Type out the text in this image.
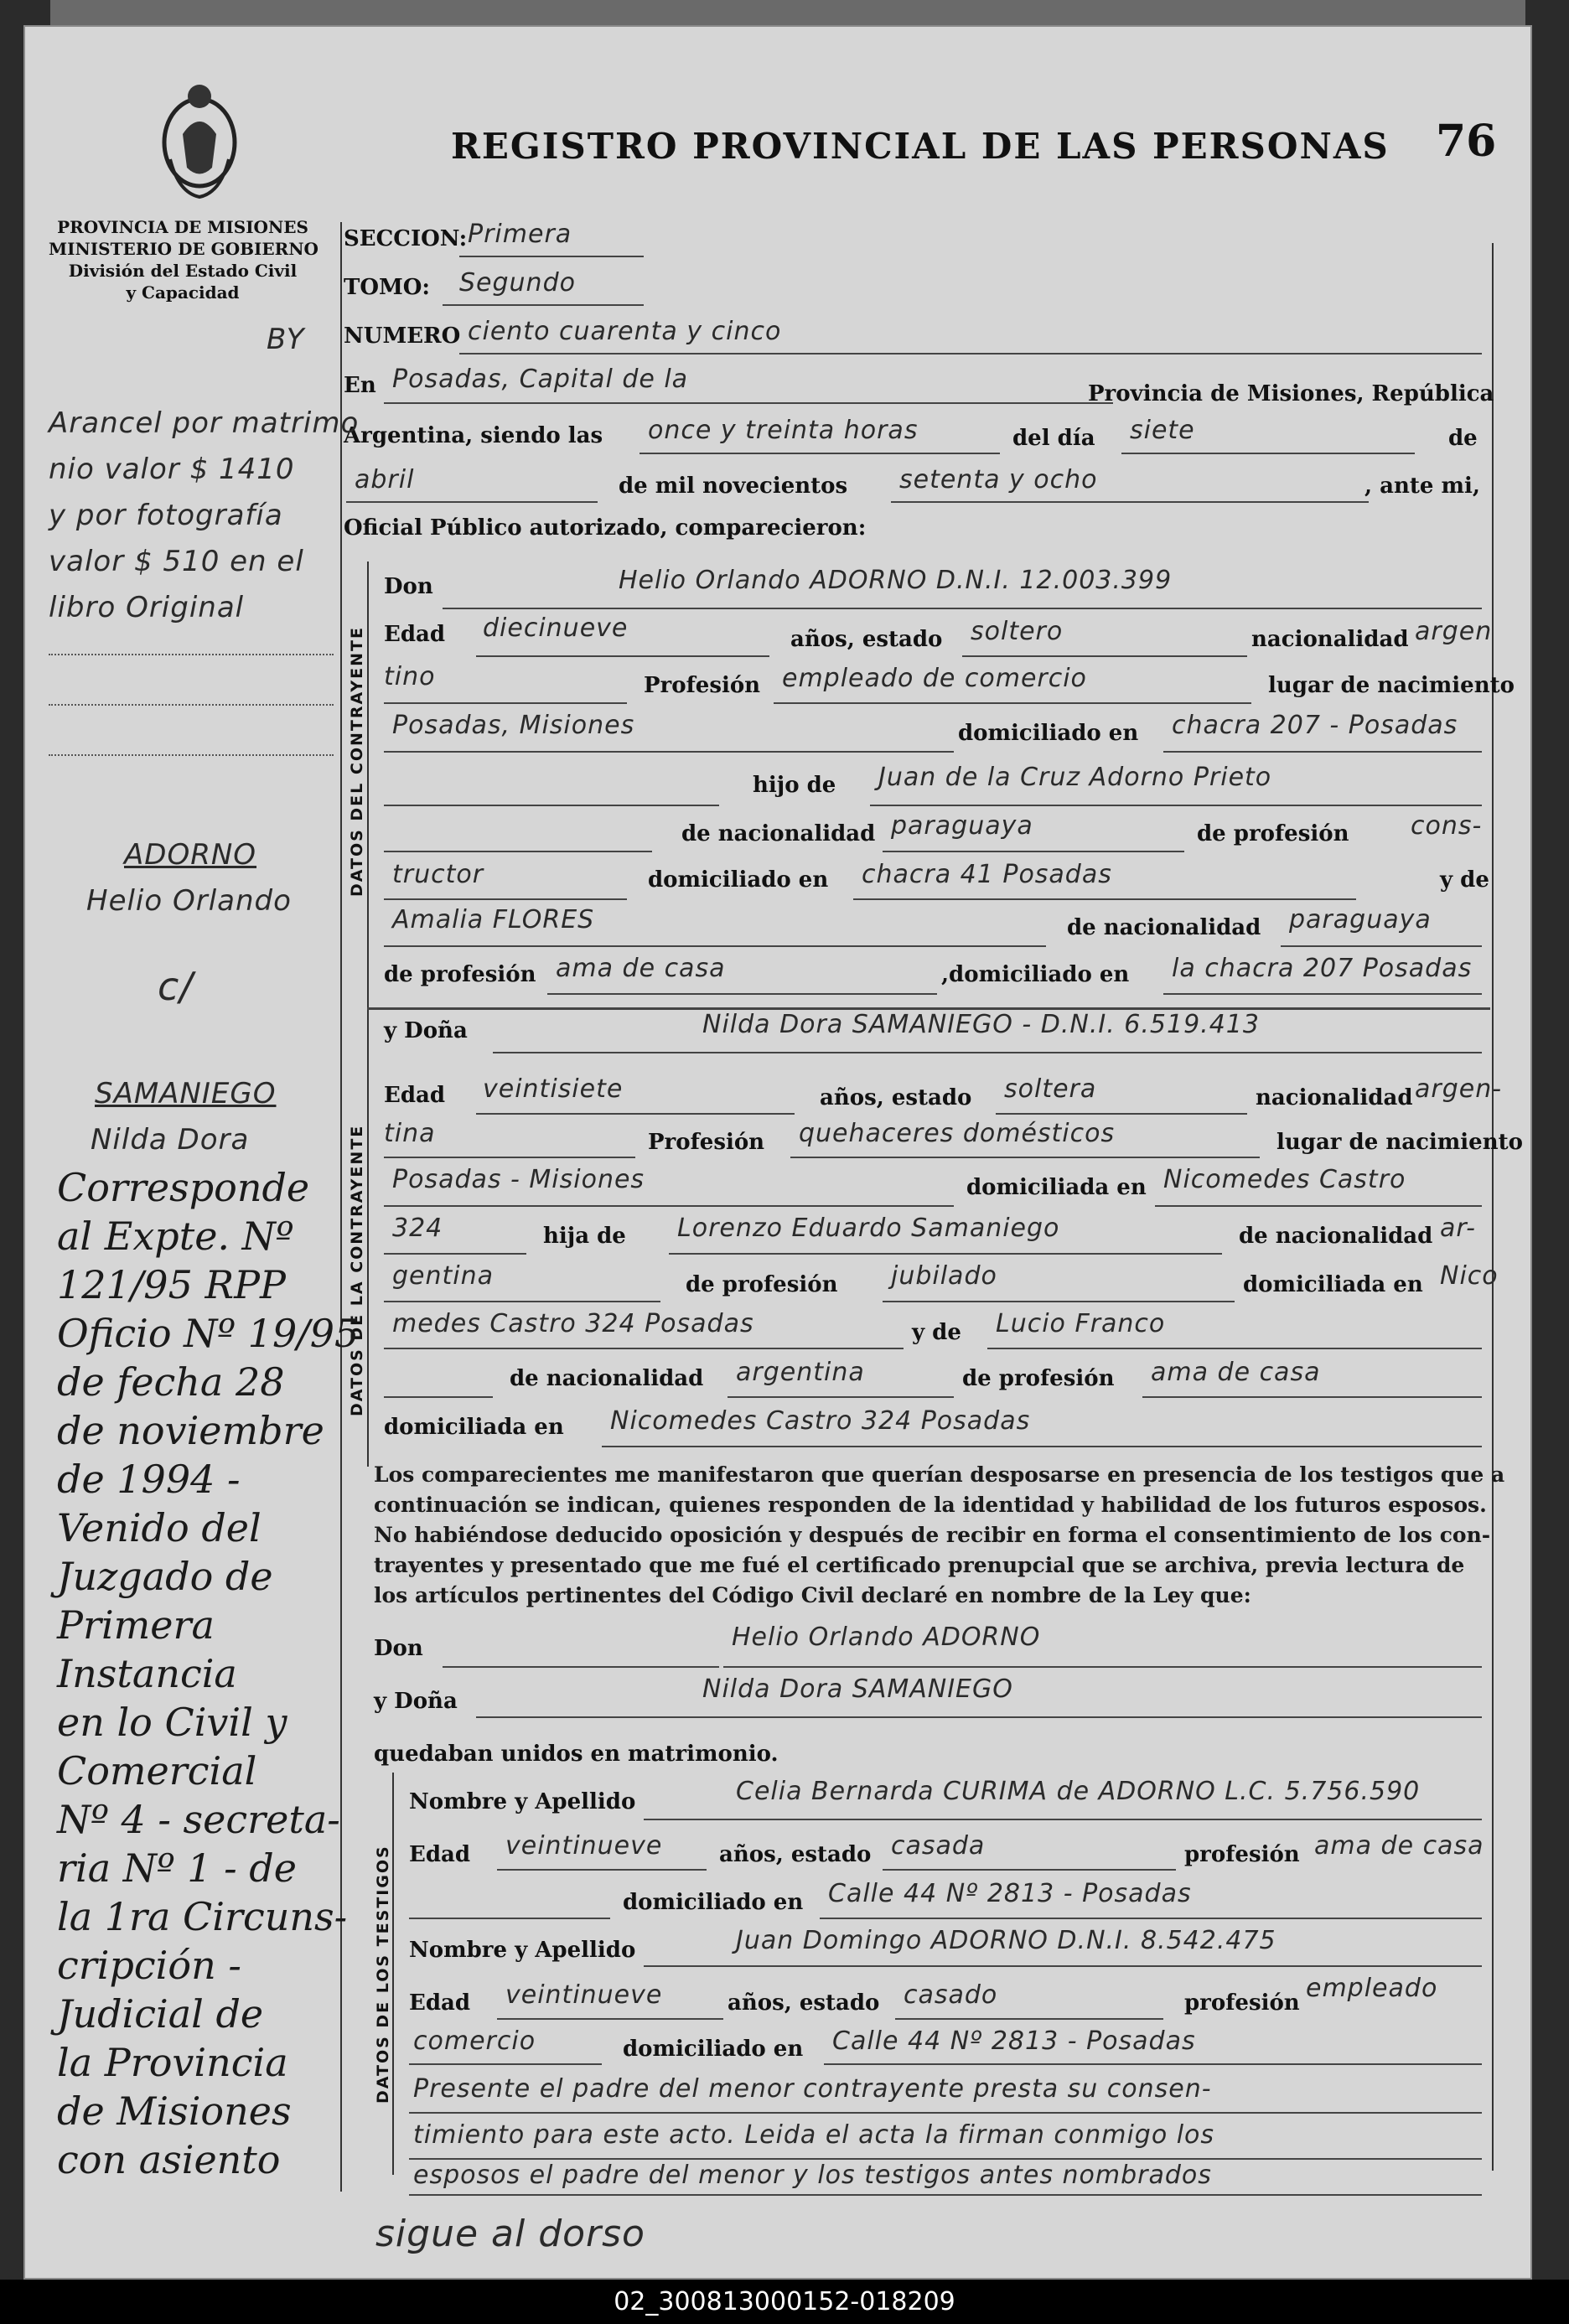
PROVINCIA DE MISIONES
MINISTERIO DE GOBIERNO
División del Estado Civil
y Capacidad
BY
REGISTRO PROVINCIAL DE LAS PERSONAS 76
SECCION: Primera
TOMO: Segundo
NUMERO ciento cuarenta y cinco
En Posadas, Capital de la	Provincia de Misiones, República
Argentina, siendo las once y treinta horas	del día siete	de
abril	de mil novecientos setenta y ocho	, ante mi,
Oficial Público autorizado, comparecieron:
DATOS DEL CONTRAYENTE
Don	Helio Orlando ADORNO D.N.I. 12.003.399
Edad diecinueve	años, estado soltero	nacionalidad argen
tino	Profesión empleado de comercio	lugar de nacimiento
Posadas, Misiones	domiciliado en chacra 207 - Posadas
hijo de Juan de la Cruz Adorno Prieto
de nacionalidad paraguaya	de profesión cons-
tructor	domiciliado en chacra 41 Posadas	y de
Amalia FLORES	de nacionalidad paraguaya
de profesión ama de casa	,domiciliado en la chacra 207 Posadas
DATOS DE LA CONTRAYENTE
y Doña	Nilda Dora SAMANIEGO - D.N.I. 6.519.413
Edad veintisiete	años, estado soltera	nacionalidad argen-
tina	Profesión quehaceres domésticos	lugar de nacimiento
Posadas - Misiones	domiciliada en Nicomedes Castro
324	hija de Lorenzo Eduardo Samaniego	de nacionalidad ar-
gentina	de profesión jubilado	domiciliada en Nico
medes Castro 324 Posadas	y de Lucio Franco
de nacionalidad argentina	de profesión ama de casa
domiciliada en Nicomedes Castro 324 Posadas
Los comparecientes me manifestaron que querían desposarse en presencia de los testigos que a
continuación se indican, quienes responden de la identidad y habilidad de los futuros esposos.
No habiéndose deducido oposición y después de recibir en forma el consentimiento de los con-
trayentes y presentado que me fué el certificado prenupcial que se archiva, previa lectura de
los artículos pertinentes del Código Civil declaré en nombre de la Ley que:
Don	Helio Orlando ADORNO
y Doña	Nilda Dora SAMANIEGO
quedaban unidos en matrimonio.
DATOS DE LOS TESTIGOS
Nombre y Apellido	Celia Bernarda CURIMA de ADORNO L.C. 5.756.590
Edad veintinueve	años, estado casada	profesión ama de casa
domiciliado en Calle 44 Nº 2813 - Posadas
Nombre y Apellido	Juan Domingo ADORNO D.N.I. 8.542.475
Edad veintinueve	años, estado casado	profesión empleado
comercio	domiciliado en Calle 44 Nº 2813 - Posadas
Presente el padre del menor contrayente presta su consen-
timiento para este acto. Leida el acta la firman conmigo los
esposos el padre del menor y los testigos antes nombrados
Arancel por matrimo
nio valor $ 1410
y por fotografía
valor $ 510 en el
libro Original
ADORNO
Helio Orlando
c/
SAMANIEGO
Nilda Dora
Corresponde
al Expte. Nº
121/95 RPP
Oficio Nº 19/95
de fecha 28
de noviembre
de 1994 -
Venido del
Juzgado de
Primera
Instancia
en lo Civil y
Comercial
Nº 4 - secreta-
ria Nº 1 - de
la 1ra Circuns-
cripción -
Judicial de
la Provincia
de Misiones
con asiento
sigue al dorso
02_300813000152-018209
